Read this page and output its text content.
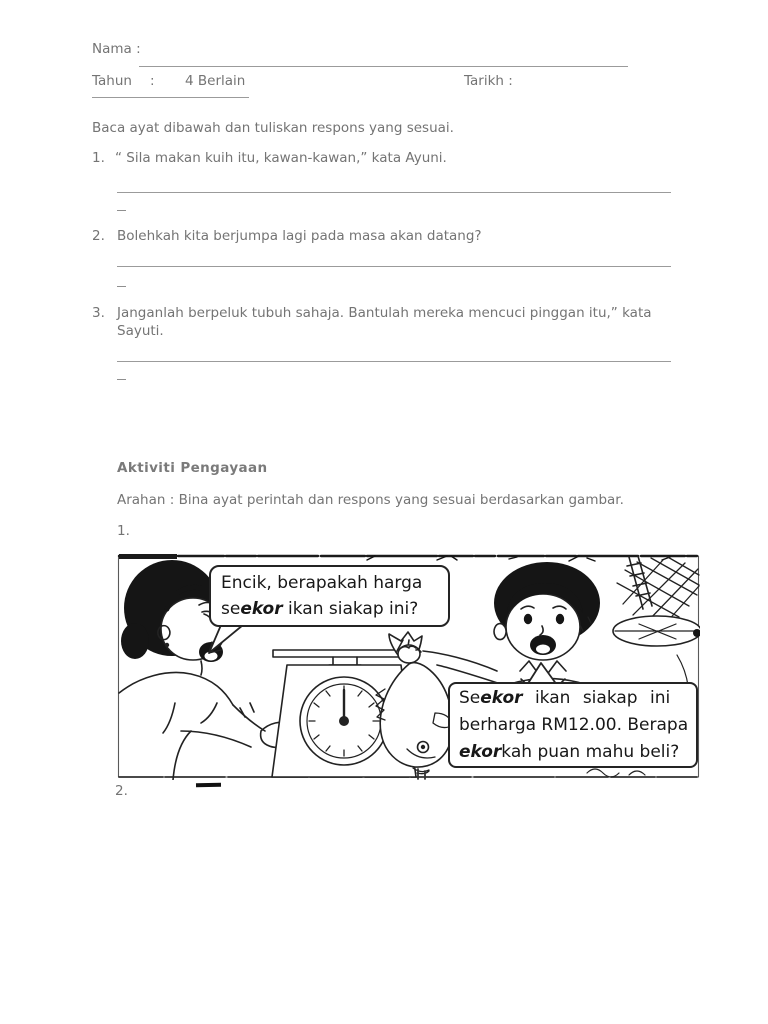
Nama :
Tahun : 4 Berlain	Tarikh :
Baca ayat dibawah dan tuliskan respons yang sesuai.
1. “ Sila makan kuih itu, kawan-kawan,” kata Ayuni.
2. Bolehkah kita berjumpa lagi pada masa akan datang?
3. Janganlah berpeluk tubuh sahaja. Bantulah mereka mencuci pinggan itu,” kata Sayuti.
Aktiviti Pengayaan
Arahan : Bina ayat perintah dan respons yang sesuai berdasarkan gambar.
1.
Encik, berapakah harga
seekor ikan siakap ini?
Seekor ikan siakap ini
berharga RM12.00. Berapa
ekorkah puan mahu beli?
2.
